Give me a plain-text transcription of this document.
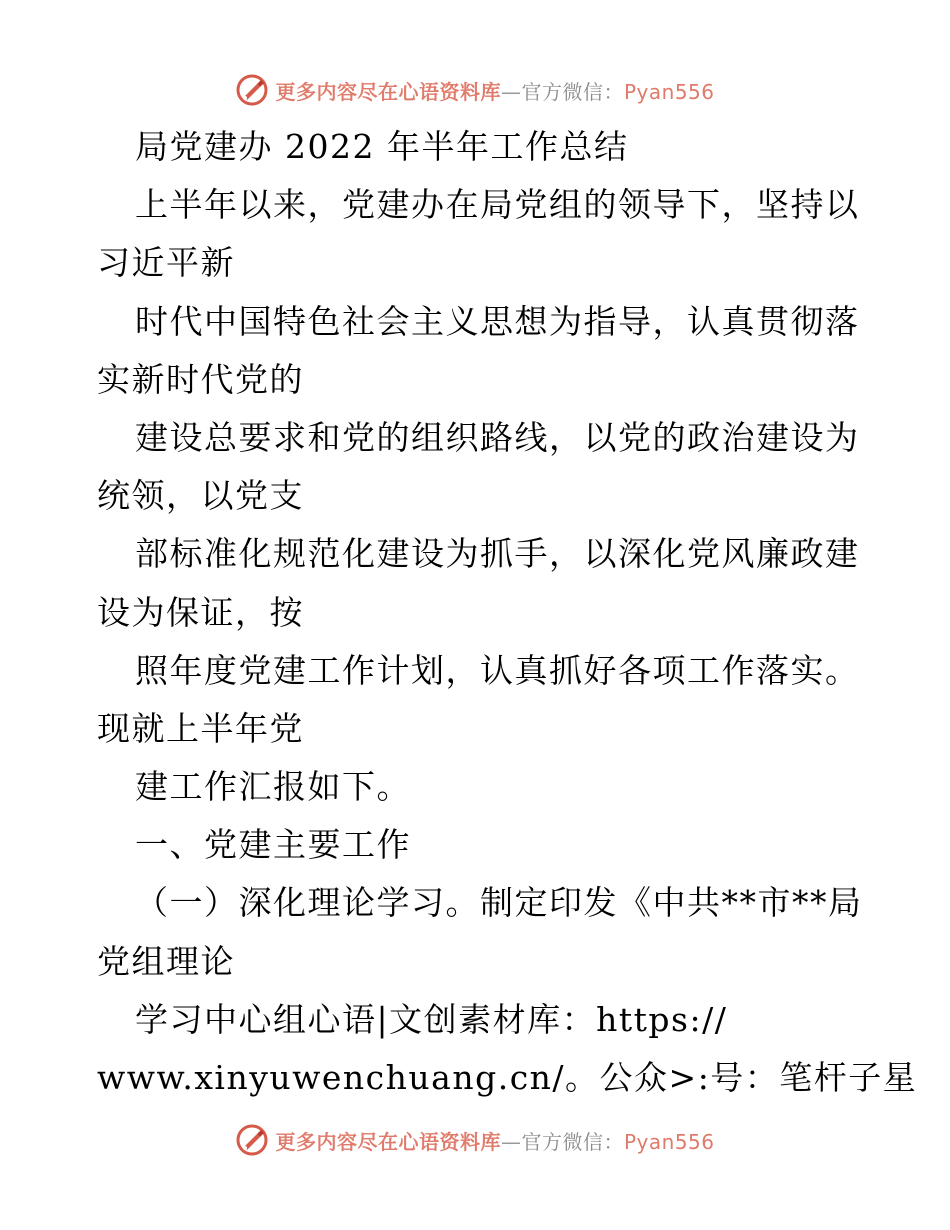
更多内容尽在心语资料库—官方微信：Pyan556
局党建办 2022 年半年工作总结
上半年以来，党建办在局党组的领导下，坚持以
习近平新
时代中国特色社会主义思想为指导，认真贯彻落
实新时代党的
建设总要求和党的组织路线，以党的政治建设为
统领，以党支
部标准化规范化建设为抓手，以深化党风廉政建
设为保证，按
照年度党建工作计划，认真抓好各项工作落实。
现就上半年党
建工作汇报如下。
一、党建主要工作
（一）深化理论学习。制定印发《中共**市**局
党组理论
学习中心组心语|文创素材库：https://
www.xinyuwenchuang.cn/。公众>:号：笔杆子星
更多内容尽在心语资料库—官方微信：Pyan556
